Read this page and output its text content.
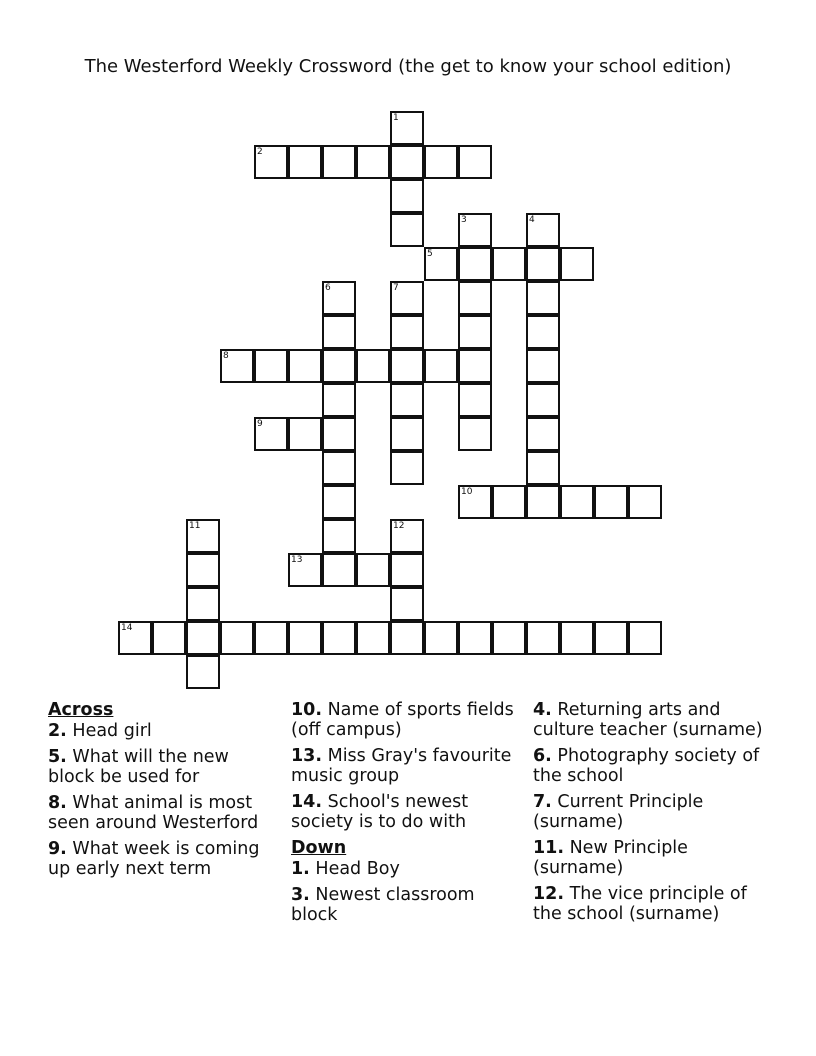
The Westerford Weekly Crossword (the get to know your school edition)
1
2
3	4
5
6	7
8
9
10
11	12
13
14
Across
2. Head girl
5. What will the new block be used for
8. What animal is most seen around Westerford
9. What week is coming up early next term
10. Name of sports fields (off campus)
13. Miss Gray's favourite music group
14. School's newest society is to do with
Down
1. Head Boy
3. Newest classroom block
4. Returning arts and culture teacher (surname)
6. Photography society of the school
7. Current Principle (surname)
11. New Principle (surname)
12. The vice principle of the school (surname)
